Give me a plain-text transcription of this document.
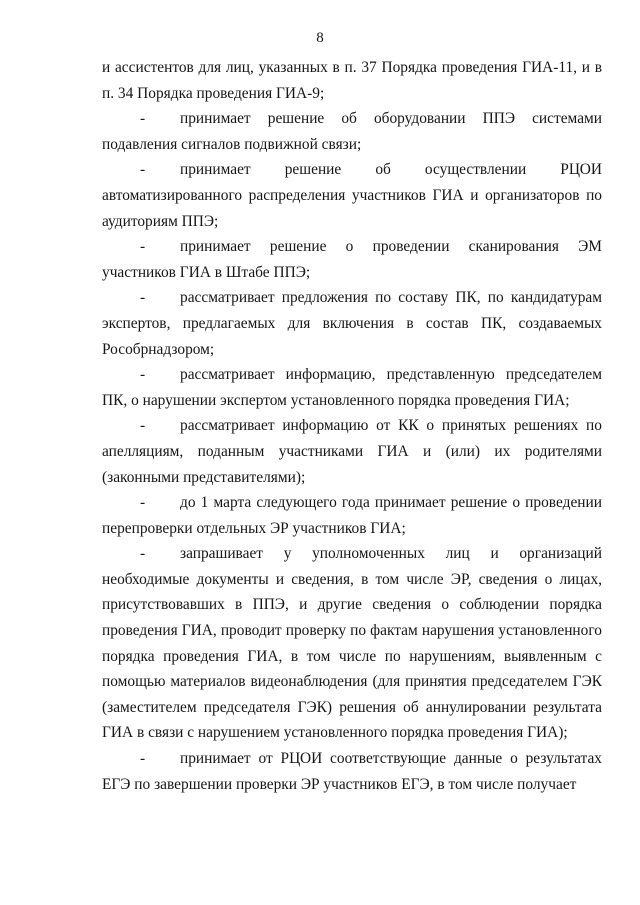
8

и ассистентов для лиц, указанных в п. 37 Порядка проведения ГИА-11, и в п. 34 Порядка проведения ГИА-9;

- принимает решение об оборудовании ППЭ системами подавления сигналов подвижной связи;

- принимает решение об осуществлении РЦОИ автоматизированного распределения участников ГИА и организаторов по аудиториям ППЭ;

- принимает решение о проведении сканирования ЭМ участников ГИА в Штабе ППЭ;

- рассматривает предложения по составу ПК, по кандидатурам экспертов, предлагаемых для включения в состав ПК, создаваемых Рособрнадзором;

- рассматривает информацию, представленную председателем ПК, о нарушении экспертом установленного порядка проведения ГИА;

- рассматривает информацию от КК о принятых решениях по апелляциям, поданным участниками ГИА и (или) их родителями (законными представителями);

- до 1 марта следующего года принимает решение о проведении перепроверки отдельных ЭР участников ГИА;

- запрашивает у уполномоченных лиц и организаций необходимые документы и сведения, в том числе ЭР, сведения о лицах, присутствовавших в ППЭ, и другие сведения о соблюдении порядка проведения ГИА, проводит проверку по фактам нарушения установленного порядка проведения ГИА, в том числе по нарушениям, выявленным с помощью материалов видеонаблюдения (для принятия председателем ГЭК (заместителем председателя ГЭК) решения об аннулировании результата ГИА в связи с нарушением установленного порядка проведения ГИА);

- принимает от РЦОИ соответствующие данные о результатах ЕГЭ по завершении проверки ЭР участников ЕГЭ, в том числе получает
